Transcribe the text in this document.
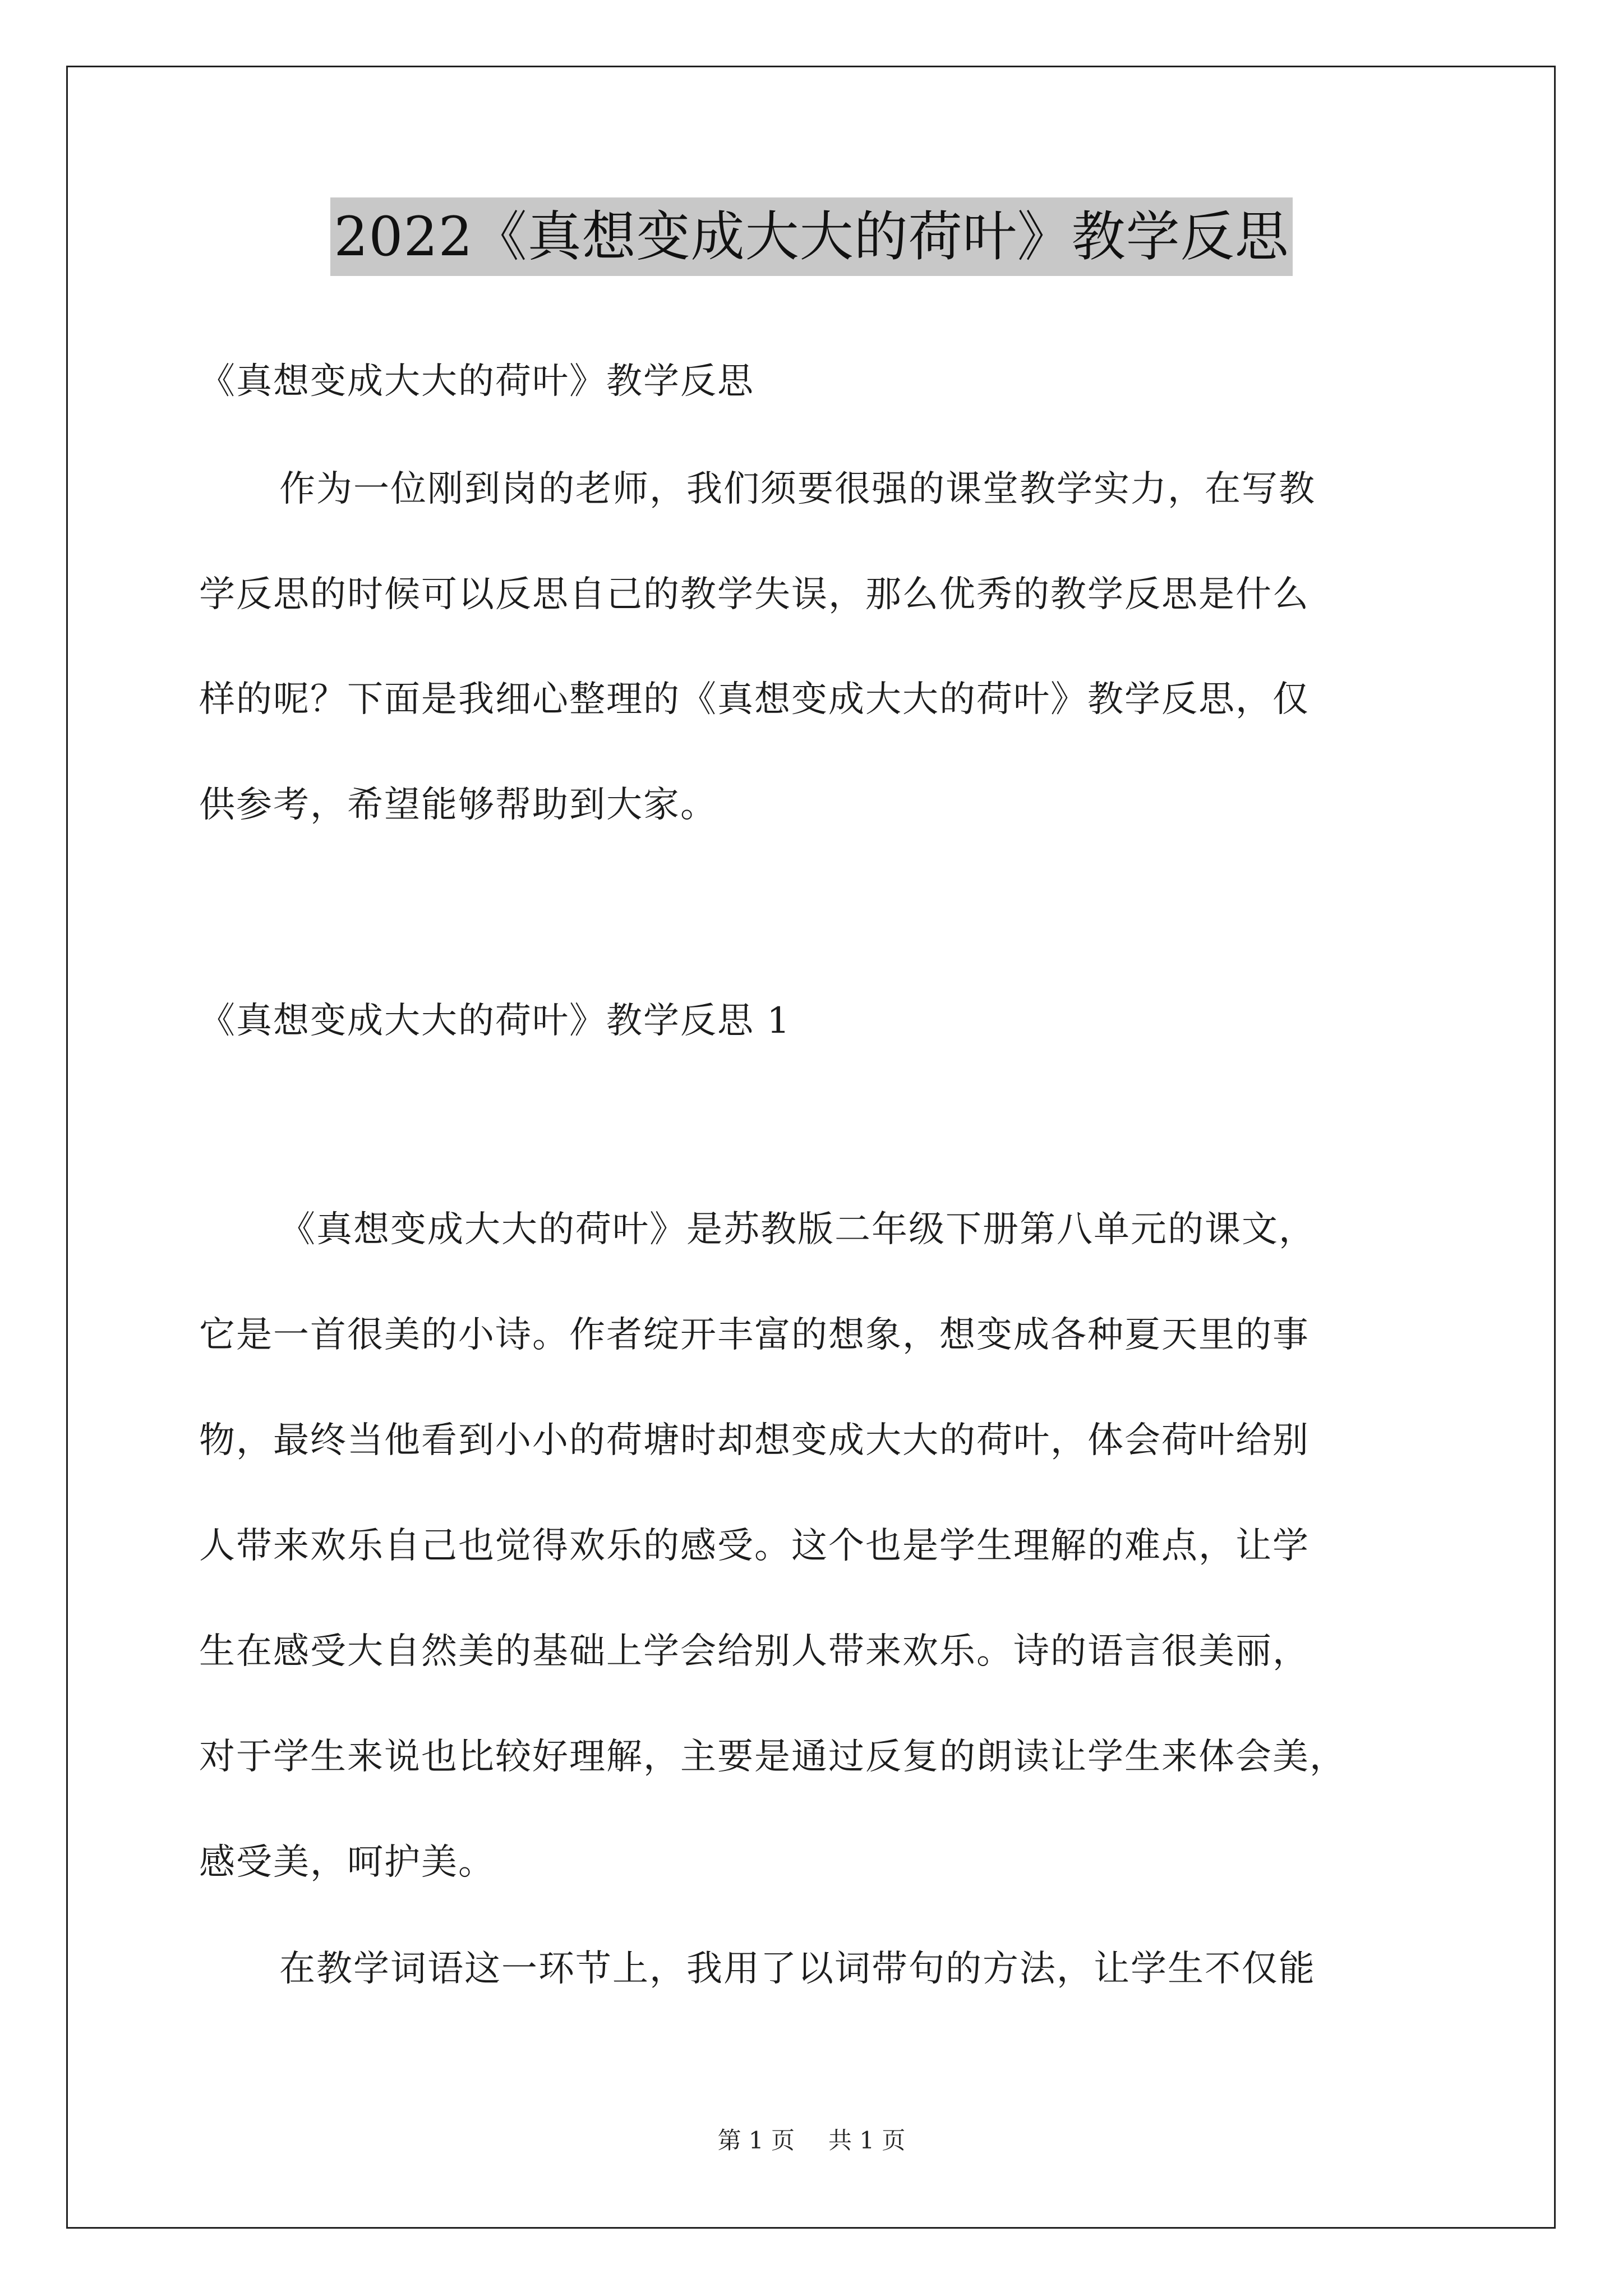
2022《真想变成大大的荷叶》教学反思
《真想变成大大的荷叶》教学反思
作为一位刚到岗的老师，我们须要很强的课堂教学实力，在写教
学反思的时候可以反思自己的教学失误，那么优秀的教学反思是什么
样的呢？下面是我细心整理的《真想变成大大的荷叶》教学反思，仅
供参考，希望能够帮助到大家。
《真想变成大大的荷叶》教学反思 1
《真想变成大大的荷叶》是苏教版二年级下册第八单元的课文，
它是一首很美的小诗。作者绽开丰富的想象，想变成各种夏天里的事
物，最终当他看到小小的荷塘时却想变成大大的荷叶，体会荷叶给别
人带来欢乐自己也觉得欢乐的感受。这个也是学生理解的难点，让学
生在感受大自然美的基础上学会给别人带来欢乐。诗的语言很美丽，
对于学生来说也比较好理解，主要是通过反复的朗读让学生来体会美，
感受美，呵护美。
在教学词语这一环节上，我用了以词带句的方法，让学生不仅能
第 1 页 共 1 页
